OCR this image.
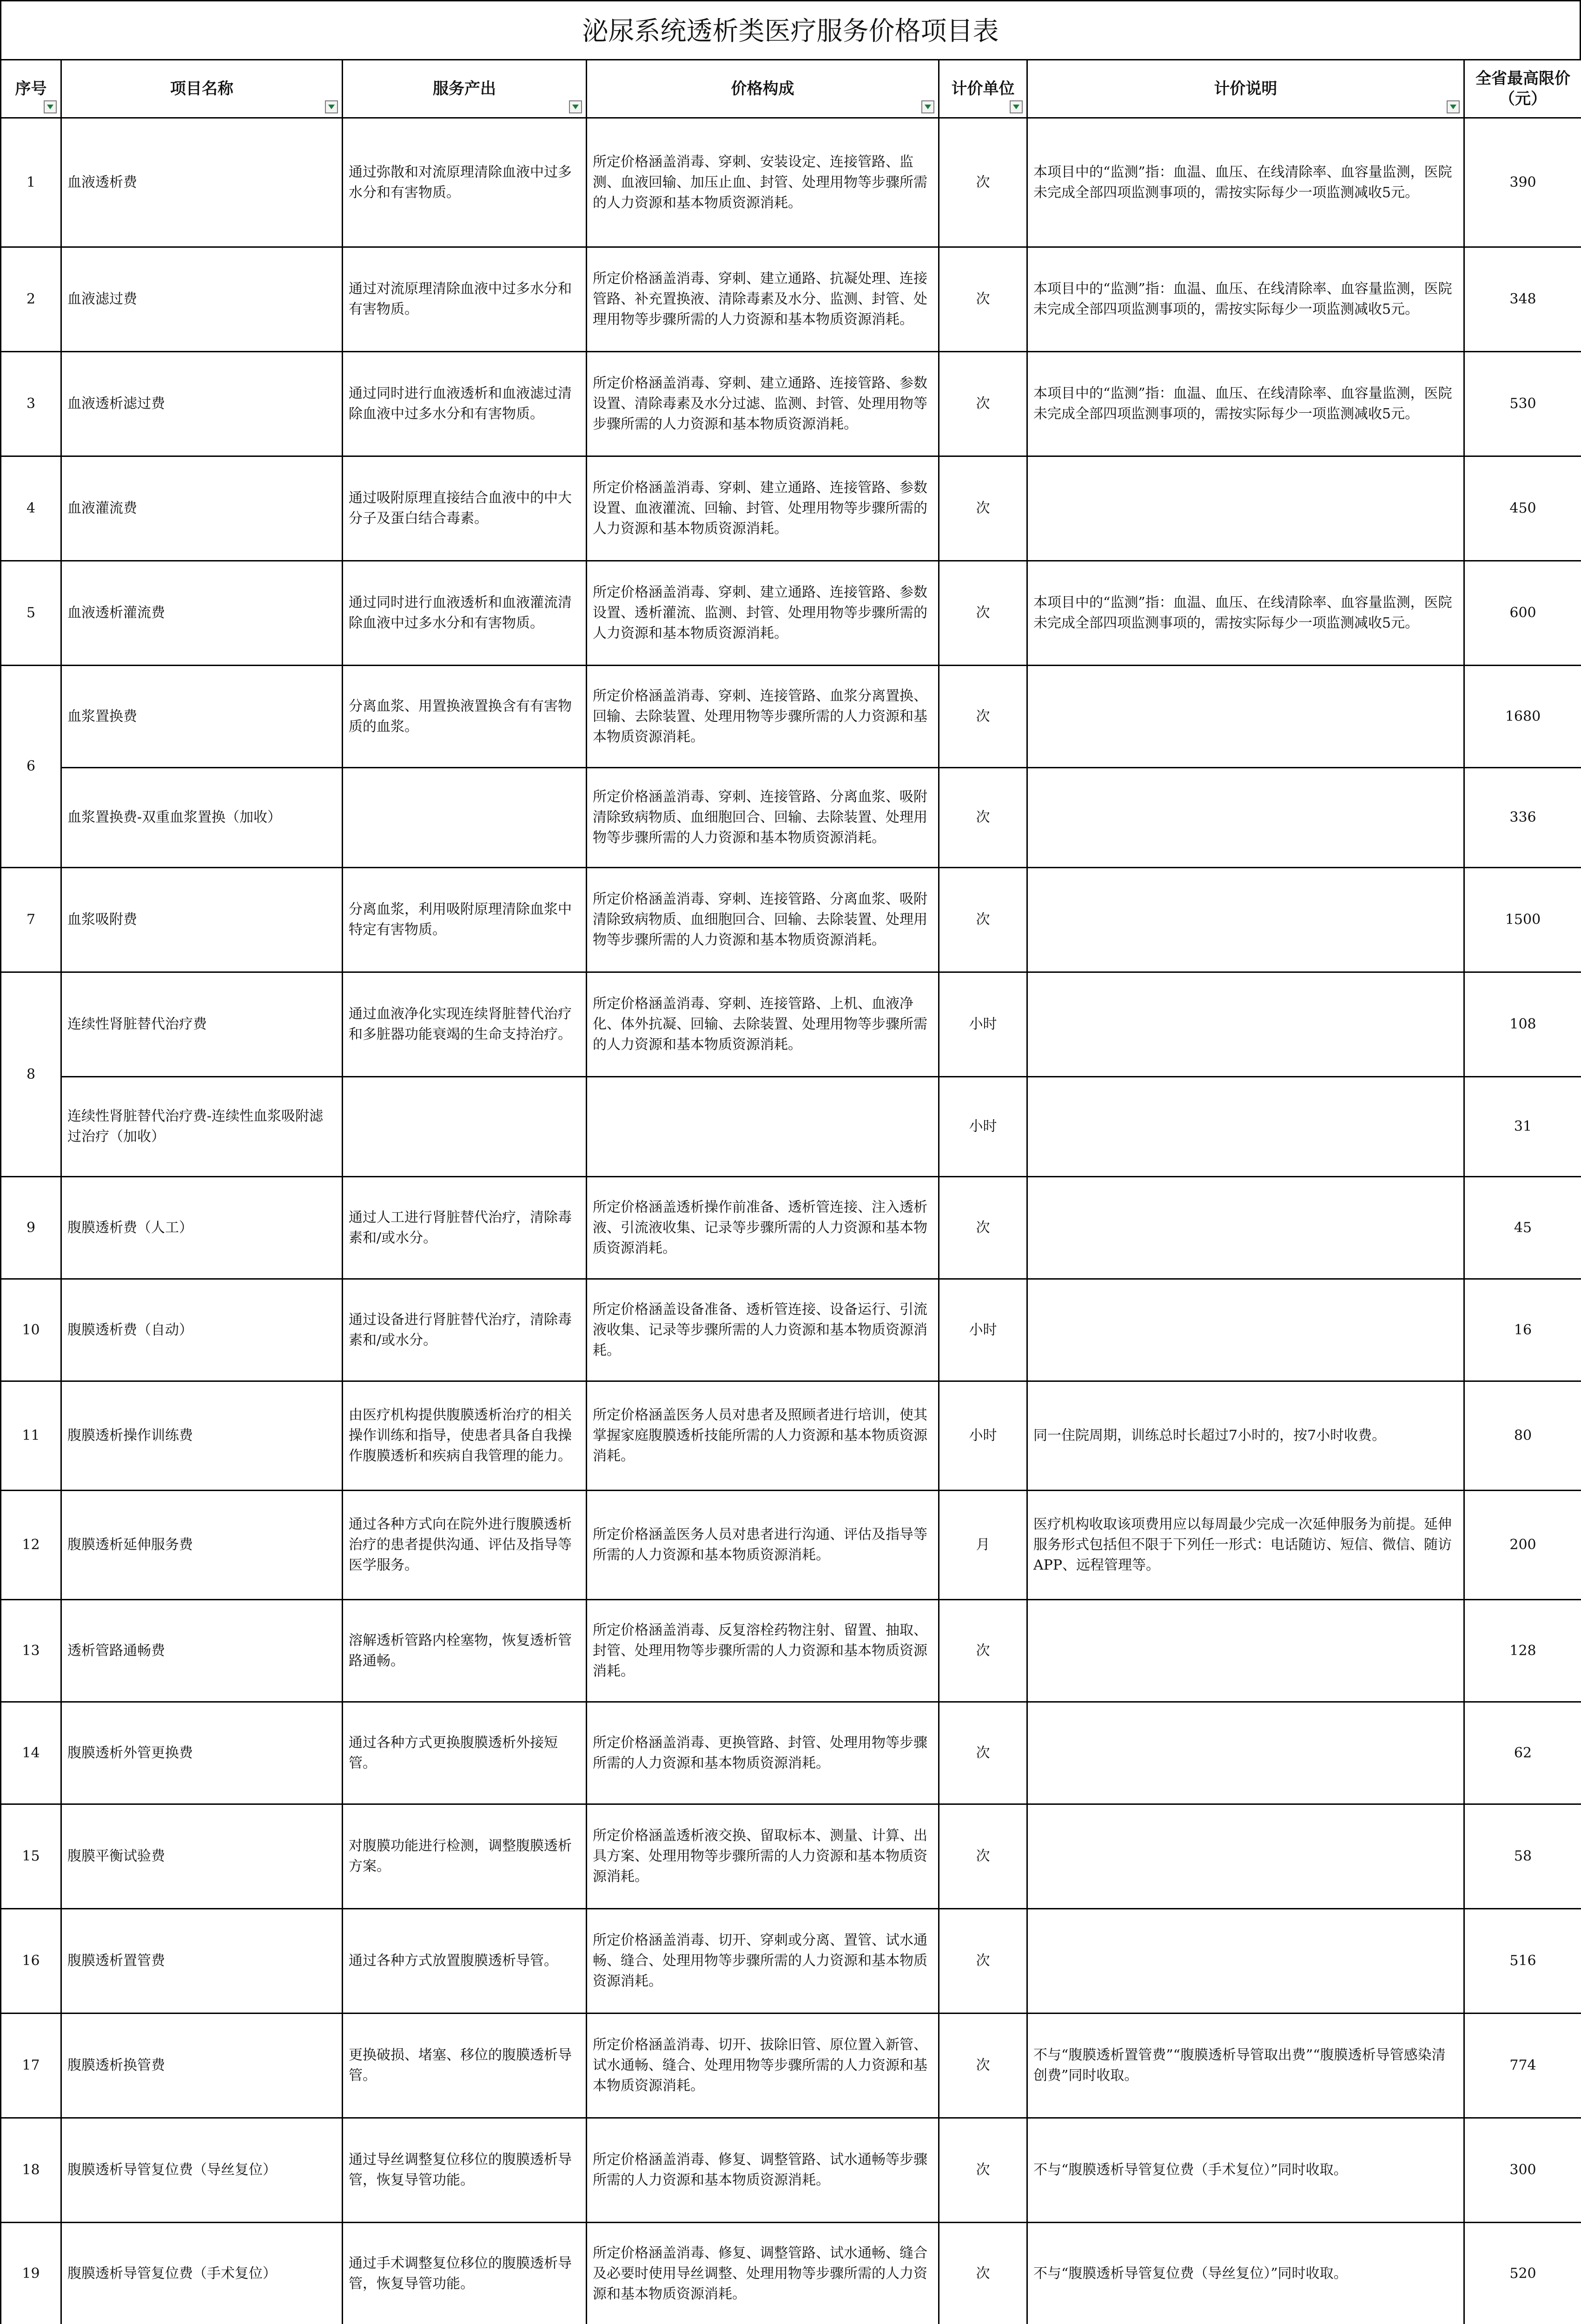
泌尿系统透析类医疗服务价格项目表
序号	项目名称	服务产出	价格构成	计价单位	计价说明	全省最高限价（元）
1	血液透析费	通过弥散和对流原理清除血液中过多水分和有害物质。	所定价格涵盖消毒、穿刺、安装设定、连接管路、监测、血液回输、加压止血、封管、处理用物等步骤所需的人力资源和基本物质资源消耗。	次	本项目中的“监测”指：血温、血压、在线清除率、血容量监测，医院未完成全部四项监测事项的，需按实际每少一项监测减收5元。	390
2	血液滤过费	通过对流原理清除血液中过多水分和有害物质。	所定价格涵盖消毒、穿刺、建立通路、抗凝处理、连接管路、补充置换液、清除毒素及水分、监测、封管、处理用物等步骤所需的人力资源和基本物质资源消耗。	次	本项目中的“监测”指：血温、血压、在线清除率、血容量监测，医院未完成全部四项监测事项的，需按实际每少一项监测减收5元。	348
3	血液透析滤过费	通过同时进行血液透析和血液滤过清除血液中过多水分和有害物质。	所定价格涵盖消毒、穿刺、建立通路、连接管路、参数设置、清除毒素及水分过滤、监测、封管、处理用物等步骤所需的人力资源和基本物质资源消耗。	次	本项目中的“监测”指：血温、血压、在线清除率、血容量监测，医院未完成全部四项监测事项的，需按实际每少一项监测减收5元。	530
4	血液灌流费	通过吸附原理直接结合血液中的中大分子及蛋白结合毒素。	所定价格涵盖消毒、穿刺、建立通路、连接管路、参数设置、血液灌流、回输、封管、处理用物等步骤所需的人力资源和基本物质资源消耗。	次		450
5	血液透析灌流费	通过同时进行血液透析和血液灌流清除血液中过多水分和有害物质。	所定价格涵盖消毒、穿刺、建立通路、连接管路、参数设置、透析灌流、监测、封管、处理用物等步骤所需的人力资源和基本物质资源消耗。	次	本项目中的“监测”指：血温、血压、在线清除率、血容量监测，医院未完成全部四项监测事项的，需按实际每少一项监测减收5元。	600
6	血浆置换费	分离血浆、用置换液置换含有有害物质的血浆。	所定价格涵盖消毒、穿刺、连接管路、血浆分离置换、回输、去除装置、处理用物等步骤所需的人力资源和基本物质资源消耗。	次		1680
	血浆置换费-双重血浆置换（加收）		所定价格涵盖消毒、穿刺、连接管路、分离血浆、吸附清除致病物质、血细胞回合、回输、去除装置、处理用物等步骤所需的人力资源和基本物质资源消耗。	次		336
7	血浆吸附费	分离血浆，利用吸附原理清除血浆中特定有害物质。	所定价格涵盖消毒、穿刺、连接管路、分离血浆、吸附清除致病物质、血细胞回合、回输、去除装置、处理用物等步骤所需的人力资源和基本物质资源消耗。	次		1500
8	连续性肾脏替代治疗费	通过血液净化实现连续肾脏替代治疗和多脏器功能衰竭的生命支持治疗。	所定价格涵盖消毒、穿刺、连接管路、上机、血液净化、体外抗凝、回输、去除装置、处理用物等步骤所需的人力资源和基本物质资源消耗。	小时		108
	连续性肾脏替代治疗费-连续性血浆吸附滤过治疗（加收）			小时		31
9	腹膜透析费（人工）	通过人工进行肾脏替代治疗，清除毒素和/或水分。	所定价格涵盖透析操作前准备、透析管连接、注入透析液、引流液收集、记录等步骤所需的人力资源和基本物质资源消耗。	次		45
10	腹膜透析费（自动）	通过设备进行肾脏替代治疗，清除毒素和/或水分。	所定价格涵盖设备准备、透析管连接、设备运行、引流液收集、记录等步骤所需的人力资源和基本物质资源消耗。	小时		16
11	腹膜透析操作训练费	由医疗机构提供腹膜透析治疗的相关操作训练和指导，使患者具备自我操作腹膜透析和疾病自我管理的能力。	所定价格涵盖医务人员对患者及照顾者进行培训，使其掌握家庭腹膜透析技能所需的人力资源和基本物质资源消耗。	小时	同一住院周期，训练总时长超过7小时的，按7小时收费。	80
12	腹膜透析延伸服务费	通过各种方式向在院外进行腹膜透析治疗的患者提供沟通、评估及指导等医学服务。	所定价格涵盖医务人员对患者进行沟通、评估及指导等所需的人力资源和基本物质资源消耗。	月	医疗机构收取该项费用应以每周最少完成一次延伸服务为前提。延伸服务形式包括但不限于下列任一形式：电话随访、短信、微信、随访APP、远程管理等。	200
13	透析管路通畅费	溶解透析管路内栓塞物，恢复透析管路通畅。	所定价格涵盖消毒、反复溶栓药物注射、留置、抽取、封管、处理用物等步骤所需的人力资源和基本物质资源消耗。	次		128
14	腹膜透析外管更换费	通过各种方式更换腹膜透析外接短管。	所定价格涵盖消毒、更换管路、封管、处理用物等步骤所需的人力资源和基本物质资源消耗。	次		62
15	腹膜平衡试验费	对腹膜功能进行检测，调整腹膜透析方案。	所定价格涵盖透析液交换、留取标本、测量、计算、出具方案、处理用物等步骤所需的人力资源和基本物质资源消耗。	次		58
16	腹膜透析置管费	通过各种方式放置腹膜透析导管。	所定价格涵盖消毒、切开、穿刺或分离、置管、试水通畅、缝合、处理用物等步骤所需的人力资源和基本物质资源消耗。	次		516
17	腹膜透析换管费	更换破损、堵塞、移位的腹膜透析导管。	所定价格涵盖消毒、切开、拔除旧管、原位置入新管、试水通畅、缝合、处理用物等步骤所需的人力资源和基本物质资源消耗。	次	不与“腹膜透析置管费”“腹膜透析导管取出费”“腹膜透析导管感染清创费”同时收取。	774
18	腹膜透析导管复位费（导丝复位）	通过导丝调整复位移位的腹膜透析导管，恢复导管功能。	所定价格涵盖消毒、修复、调整管路、试水通畅等步骤所需的人力资源和基本物质资源消耗。	次	不与“腹膜透析导管复位费（手术复位）”同时收取。	300
19	腹膜透析导管复位费（手术复位）	通过手术调整复位移位的腹膜透析导管，恢复导管功能。	所定价格涵盖消毒、修复、调整管路、试水通畅、缝合及必要时使用导丝调整、处理用物等步骤所需的人力资源和基本物质资源消耗。	次	不与“腹膜透析导管复位费（导丝复位）”同时收取。	520
